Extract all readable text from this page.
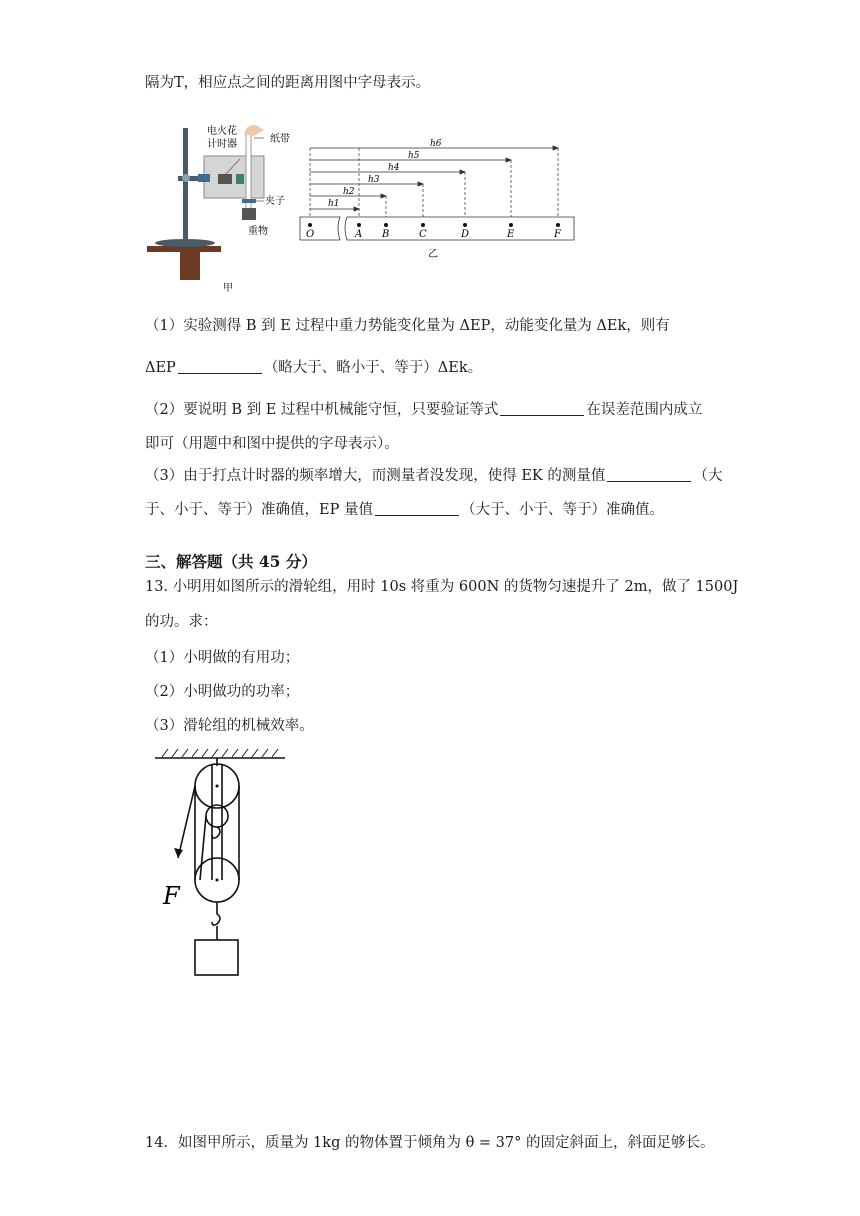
隔为T，相应点之间的距离用图中字母表示。
电火花
计时器	纸带
夹子
重物
甲
乙
O	A B	C	D	E	F
h1
h2
h3
h4
h5
h6
（1）实验测得 B 到 E 过程中重力势能变化量为 ΔEP，动能变化量为 ΔEk，则有
ΔEP	（略大于、略小于、等于）ΔEk。
（2）要说明 B 到 E 过程中机械能守恒，只要验证等式	在误差范围内成立
即可（用题中和图中提供的字母表示）。
（3）由于打点计时器的频率增大，而测量者没发现，使得 EK 的测量值	（大
于、小于、等于）准确值，EP 量值	（大于、小于、等于）准确值。
三、解答题（共 45 分）
13. 小明用如图所示的滑轮组，用时 10s 将重为 600N 的货物匀速提升了 2m，做了 1500J
的功。求：
（1）小明做的有用功；
（2）小明做功的功率；
（3）滑轮组的机械效率。
F
14．如图甲所示，质量为 1kg 的物体置于倾角为 θ = 37° 的固定斜面上，斜面足够长。
